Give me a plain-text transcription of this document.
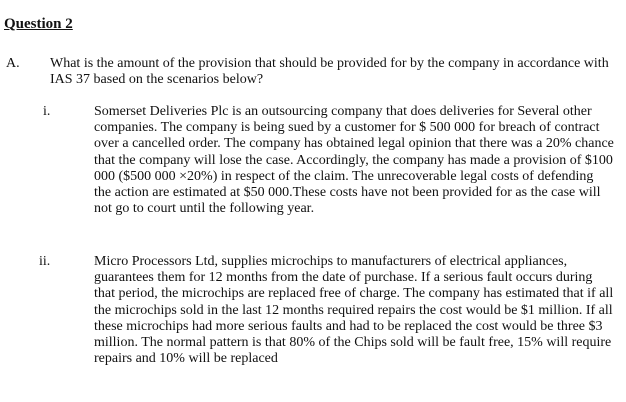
Question 2
A. What is the amount of the provision that should be provided for by the company in accordance with IAS 37 based on the scenarios below?
i.	Somerset Deliveries Plc is an outsourcing company that does deliveries for Several other companies. The company is being sued by a customer for $ 500 000 for breach of contract over a cancelled order. The company has obtained legal opinion that there was a 20% chance that the company will lose the case. Accordingly, the company has made a provision of $100 000 ($500 000 ×20%) in respect of the claim. The unrecoverable legal costs of defending the action are estimated at $50 000.These costs have not been provided for as the case will not go to court until the following year.
ii.	Micro Processors Ltd, supplies microchips to manufacturers of electrical appliances, guarantees them for 12 months from the date of purchase. If a serious fault occurs during that period, the microchips are replaced free of charge. The company has estimated that if all the microchips sold in the last 12 months required repairs the cost would be $1 million. If all these microchips had more serious faults and had to be replaced the cost would be three $3 million. The normal pattern is that 80% of the Chips sold will be fault free, 15% will require repairs and 10% will be replaced
